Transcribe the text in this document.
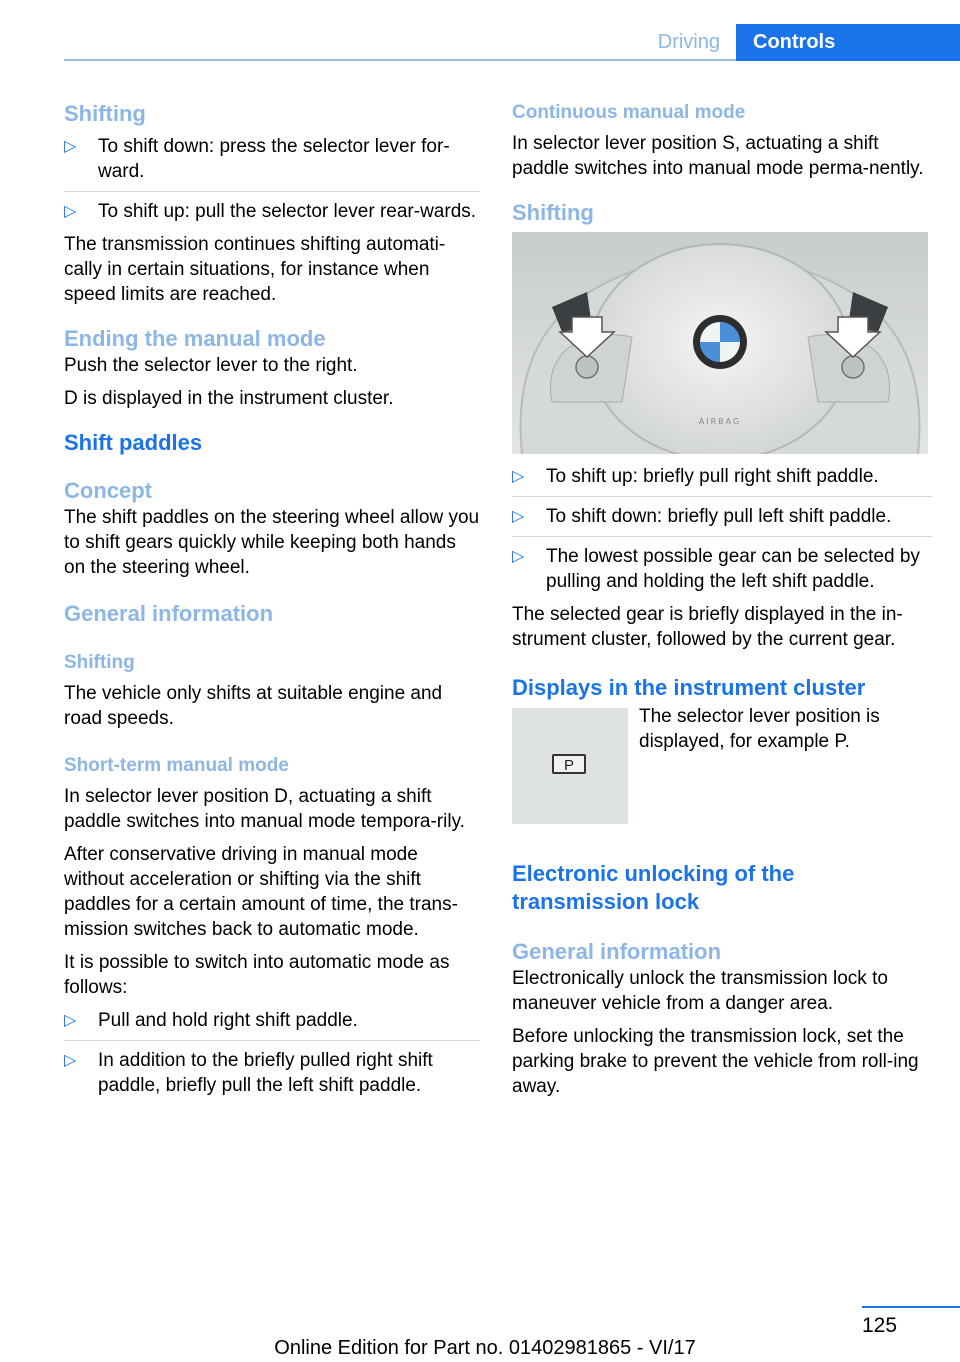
Driving	Controls
Shifting
▷ To shift down: press the selector lever for‐ward.
▷ To shift up: pull the selector lever rear‐wards.

The transmission continues shifting automati‐cally in certain situations, for instance when speed limits are reached.

Ending the manual mode

Push the selector lever to the right.

D is displayed in the instrument cluster.

Shift paddles
Concept

The shift paddles on the steering wheel allow you to shift gears quickly while keeping both hands on the steering wheel.

General information
Shifting

The vehicle only shifts at suitable engine and road speeds.

Short-term manual mode

In selector lever position D, actuating a shift paddle switches into manual mode tempora‐rily.

After conservative driving in manual mode without acceleration or shifting via the shift paddles for a certain amount of time, the trans‐mission switches back to automatic mode.

It is possible to switch into automatic mode as follows:

▷ Pull and hold right shift paddle.
▷ In addition to the briefly pulled right shift paddle, briefly pull the left shift paddle.
Continuous manual mode

In selector lever position S, actuating a shift paddle switches into manual mode perma‐nently.

Shifting
AIRBAG
▷ To shift up: briefly pull right shift paddle.
▷ To shift down: briefly pull left shift paddle.
▷ The lowest possible gear can be selected by pulling and holding the left shift paddle.

The selected gear is briefly displayed in the in‐strument cluster, followed by the current gear.

Displays in the instrument cluster
P

The selector lever position is displayed, for example P.

Electronic unlocking of the transmission lock
General information

Electronically unlock the transmission lock to maneuver vehicle from a danger area.

Before unlocking the transmission lock, set the parking brake to prevent the vehicle from roll‐ing away.

125
Online Edition for Part no. 01402981865 - VI/17
